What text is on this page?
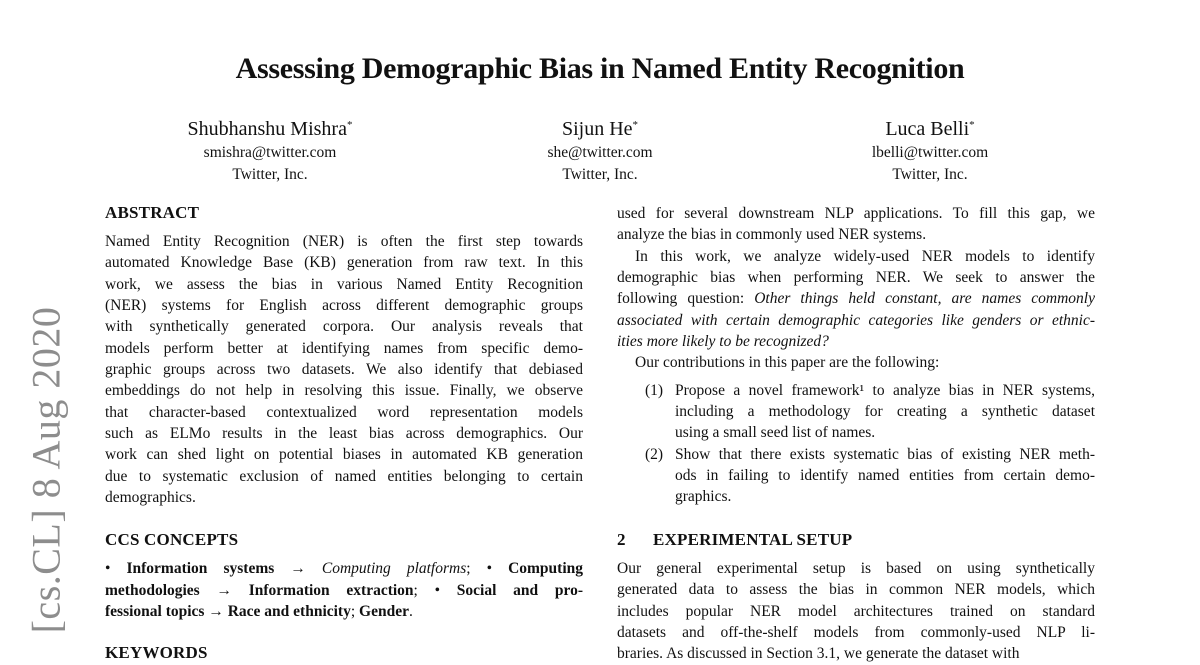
[cs.CL] 8 Aug 2020
Assessing Demographic Bias in Named Entity Recognition
Shubhanshu Mishra*
smishra@twitter.com
Twitter, Inc.
Sijun He*
she@twitter.com
Twitter, Inc.
Luca Belli*
lbelli@twitter.com
Twitter, Inc.
ABSTRACT
Named Entity Recognition (NER) is often the first step towards
automated Knowledge Base (KB) generation from raw text. In this
work, we assess the bias in various Named Entity Recognition
(NER) systems for English across different demographic groups
with synthetically generated corpora. Our analysis reveals that
models perform better at identifying names from specific demo-
graphic groups across two datasets. We also identify that debiased
embeddings do not help in resolving this issue. Finally, we observe
that character-based contextualized word representation models
such as ELMo results in the least bias across demographics. Our
work can shed light on potential biases in automated KB generation
due to systematic exclusion of named entities belonging to certain
demographics.
CCS CONCEPTS
• Information systems → Computing platforms; • Computing
methodologies → Information extraction; • Social and pro-
fessional topics → Race and ethnicity; Gender.
KEYWORDS
used for several downstream NLP applications. To fill this gap, we
analyze the bias in commonly used NER systems.
In this work, we analyze widely-used NER models to identify
demographic bias when performing NER. We seek to answer the
following question: Other things held constant, are names commonly
associated with certain demographic categories like genders or ethnic-
ities more likely to be recognized?
Our contributions in this paper are the following:
(1) Propose a novel framework¹ to analyze bias in NER systems,
including a methodology for creating a synthetic dataset
using a small seed list of names.
(2) Show that there exists systematic bias of existing NER meth-
ods in failing to identify named entities from certain demo-
graphics.
2 EXPERIMENTAL SETUP
Our general experimental setup is based on using synthetically
generated data to assess the bias in common NER models, which
includes popular NER model architectures trained on standard
datasets and off-the-shelf models from commonly-used NLP li-
braries. As discussed in Section 3.1, we generate the dataset with
